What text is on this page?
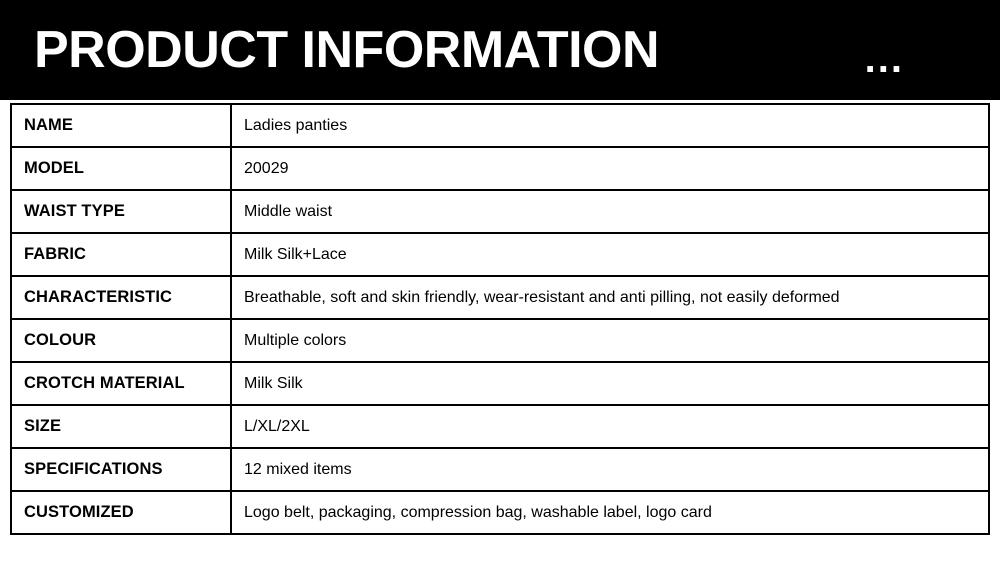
PRODUCT INFORMATION	...
NAME	Ladies panties
MODEL	20029
WAIST TYPE	Middle waist
FABRIC	Milk Silk+Lace
CHARACTERISTIC	Breathable, soft and skin friendly, wear-resistant and anti pilling, not easily deformed
COLOUR	Multiple colors
CROTCH MATERIAL	Milk Silk
SIZE	L/XL/2XL
SPECIFICATIONS	12 mixed items
CUSTOMIZED	Logo belt, packaging, compression bag, washable label, logo card
